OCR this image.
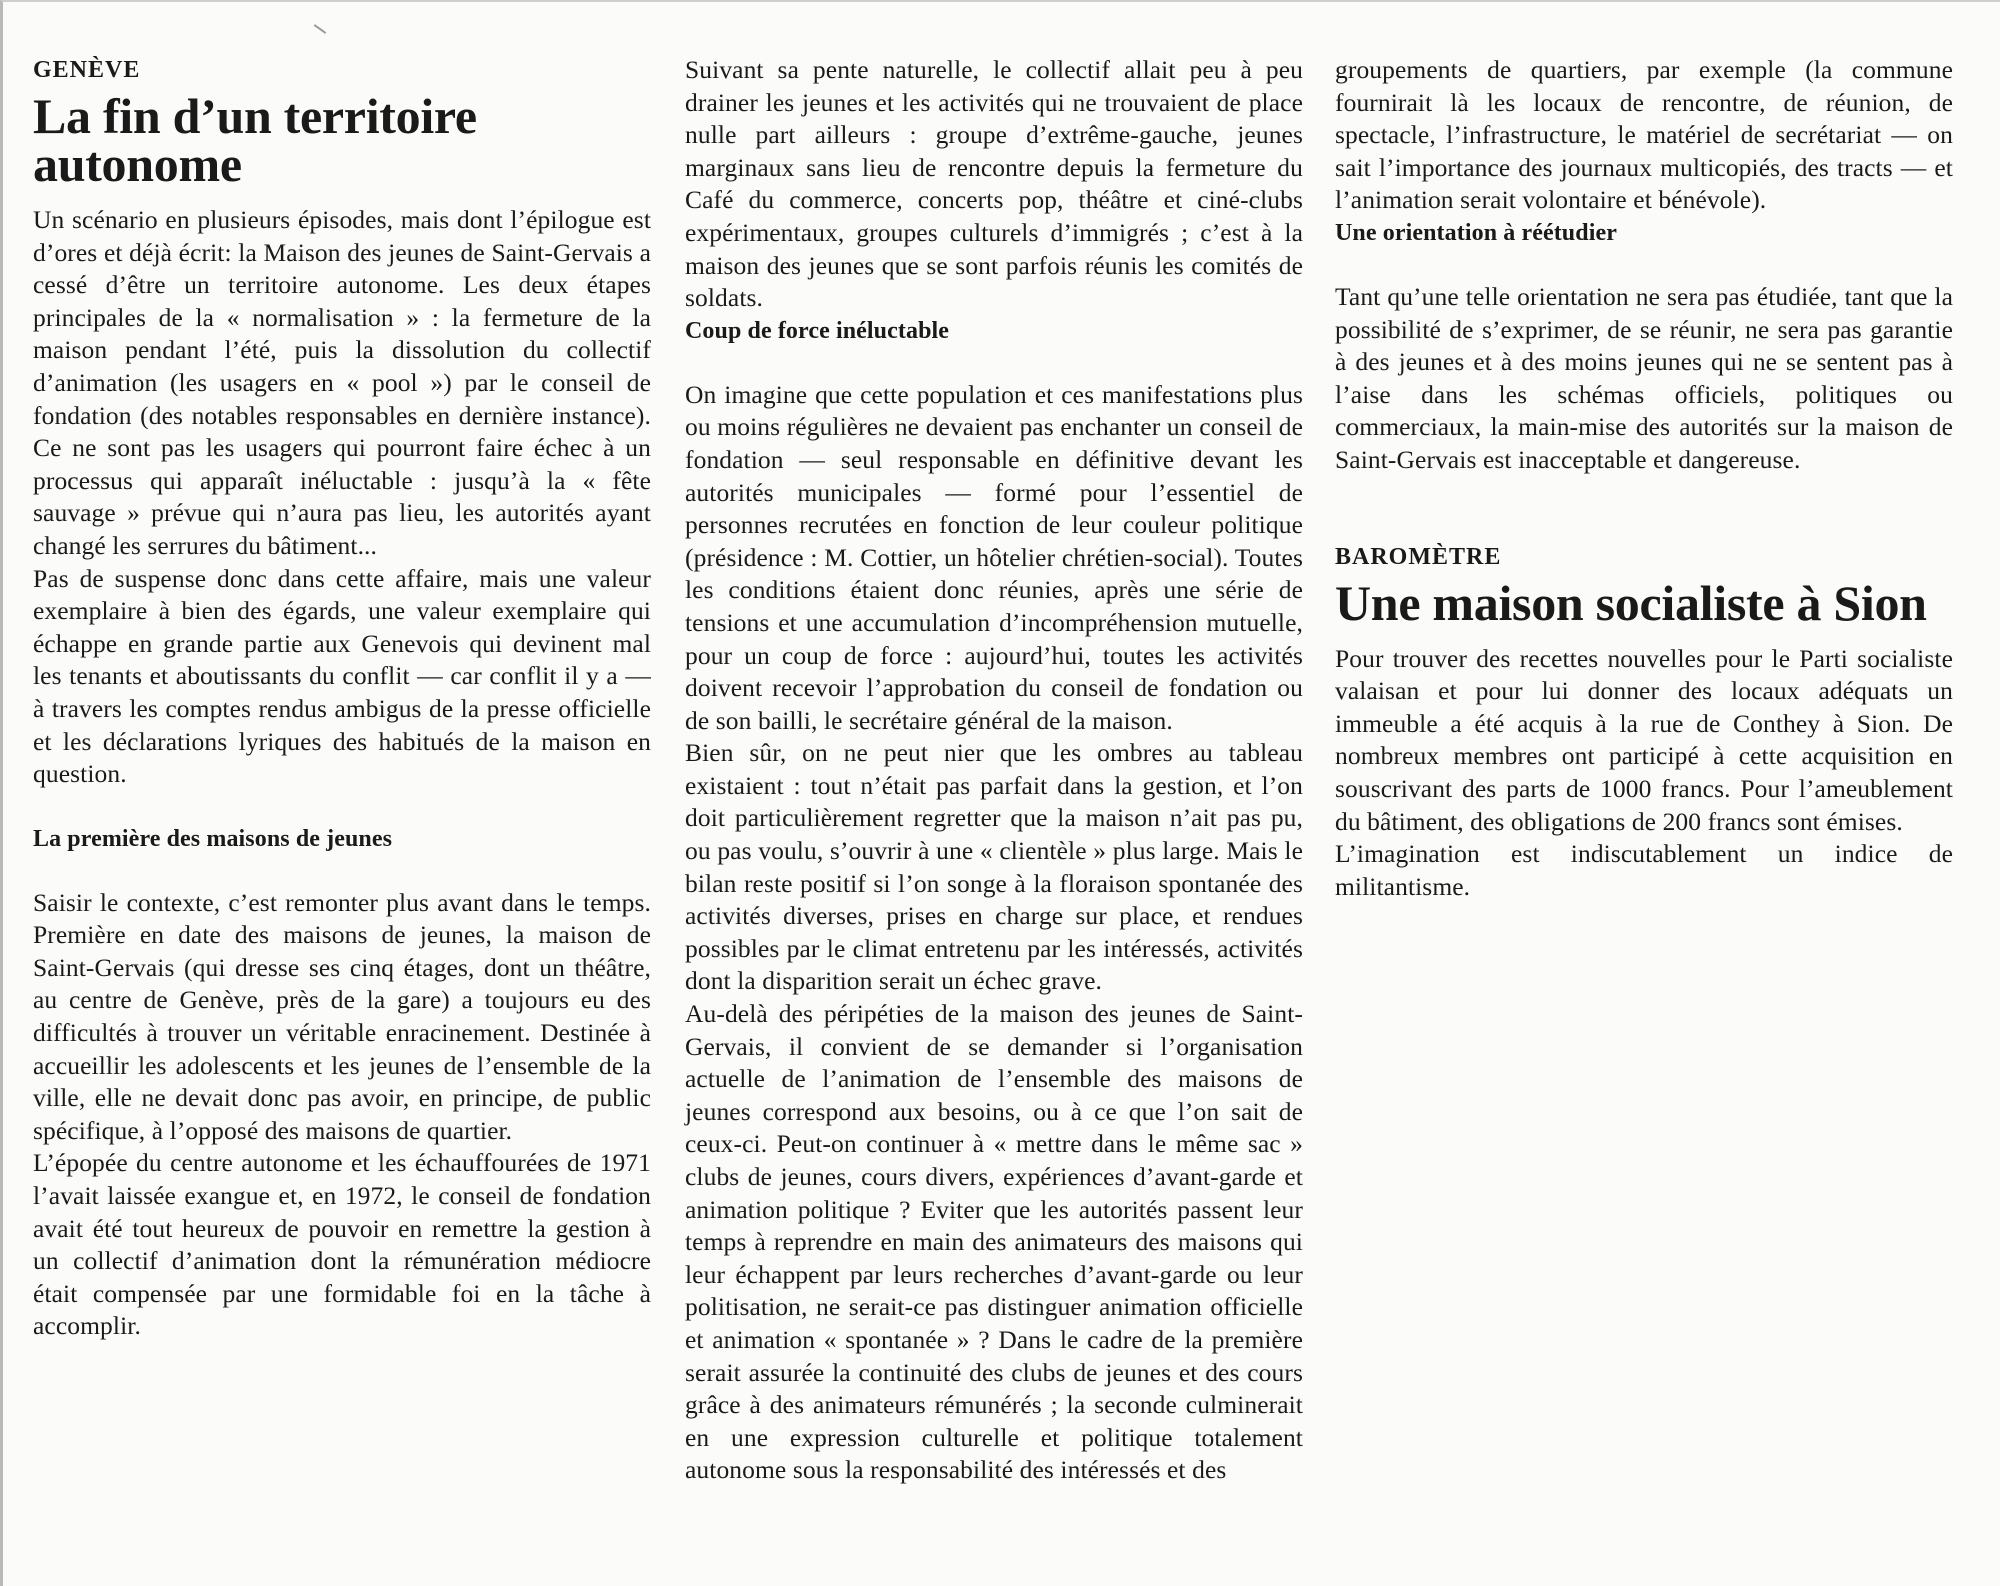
GENÈVE
La fin d’un territoire autonome

Un scénario en plusieurs épisodes, mais dont l’épilogue est d’ores et déjà écrit: la Maison des jeunes de Saint-Gervais a cessé d’être un territoire autonome. Les deux étapes principales de la « normalisation » : la fermeture de la maison pendant l’été, puis la dissolution du collectif d’animation (les usagers en « pool ») par le conseil de fondation (des notables responsables en dernière instance). Ce ne sont pas les usagers qui pourront faire échec à un processus qui apparaît inéluctable : jusqu’à la « fête sauvage » prévue qui n’aura pas lieu, les autorités ayant changé les serrures du bâtiment...

Pas de suspense donc dans cette affaire, mais une valeur exemplaire à bien des égards, une valeur exemplaire qui échappe en grande partie aux Genevois qui devinent mal les tenants et aboutissants du conflit — car conflit il y a — à travers les comptes rendus ambigus de la presse officielle et les déclarations lyriques des habitués de la maison en question.

La première des maisons de jeunes

Saisir le contexte, c’est remonter plus avant dans le temps. Première en date des maisons de jeunes, la maison de Saint-Gervais (qui dresse ses cinq étages, dont un théâtre, au centre de Genève, près de la gare) a toujours eu des difficultés à trouver un véritable enracinement. Destinée à accueillir les adolescents et les jeunes de l’ensemble de la ville, elle ne devait donc pas avoir, en principe, de public spécifique, à l’opposé des maisons de quartier.

L’épopée du centre autonome et les échauffourées de 1971 l’avait laissée exangue et, en 1972, le conseil de fondation avait été tout heureux de pouvoir en remettre la gestion à un collectif d’animation dont la rémunération médiocre était compensée par une formidable foi en la tâche à accomplir.

Suivant sa pente naturelle, le collectif allait peu à peu drainer les jeunes et les activités qui ne trouvaient de place nulle part ailleurs : groupe d’extrême-gauche, jeunes marginaux sans lieu de rencontre depuis la fermeture du Café du commerce, concerts pop, théâtre et ciné-clubs expérimentaux, groupes culturels d’immigrés ; c’est à la maison des jeunes que se sont parfois réunis les comités de soldats.

Coup de force inéluctable

On imagine que cette population et ces manifestations plus ou moins régulières ne devaient pas enchanter un conseil de fondation — seul responsable en définitive devant les autorités municipales — formé pour l’essentiel de personnes recrutées en fonction de leur couleur politique (présidence : M. Cottier, un hôtelier chrétien-social). Toutes les conditions étaient donc réunies, après une série de tensions et une accumulation d’incompréhension mutuelle, pour un coup de force : aujourd’hui, toutes les activités doivent recevoir l’approbation du conseil de fondation ou de son bailli, le secrétaire général de la maison.

Bien sûr, on ne peut nier que les ombres au tableau existaient : tout n’était pas parfait dans la gestion, et l’on doit particulièrement regretter que la maison n’ait pas pu, ou pas voulu, s’ouvrir à une « clientèle » plus large. Mais le bilan reste positif si l’on songe à la floraison spontanée des activités diverses, prises en charge sur place, et rendues possibles par le climat entretenu par les intéressés, activités dont la disparition serait un échec grave.

Au-delà des péripéties de la maison des jeunes de Saint-Gervais, il convient de se demander si l’organisation actuelle de l’animation de l’ensemble des maisons de jeunes correspond aux besoins, ou à ce que l’on sait de ceux-ci. Peut-on continuer à « mettre dans le même sac » clubs de jeunes, cours divers, expériences d’avant-garde et animation politique ? Eviter que les autorités passent leur temps à reprendre en main des animateurs des maisons qui leur échappent par leurs recherches d’avant-garde ou leur politisation, ne serait-ce pas distinguer animation officielle et animation « spontanée » ? Dans le cadre de la première serait assurée la continuité des clubs de jeunes et des cours grâce à des animateurs rémunérés ; la seconde culminerait en une expression culturelle et politique totalement autonome sous la responsabilité des intéressés et des

groupements de quartiers, par exemple (la commune fournirait là les locaux de rencontre, de réunion, de spectacle, l’infrastructure, le matériel de secrétariat — on sait l’importance des journaux multicopiés, des tracts — et l’animation serait volontaire et bénévole).

Une orientation à réétudier

Tant qu’une telle orientation ne sera pas étudiée, tant que la possibilité de s’exprimer, de se réunir, ne sera pas garantie à des jeunes et à des moins jeunes qui ne se sentent pas à l’aise dans les schémas officiels, politiques ou commerciaux, la main-mise des autorités sur la maison de Saint-Gervais est inacceptable et dangereuse.

BAROMÈTRE
Une maison socialiste à Sion

Pour trouver des recettes nouvelles pour le Parti socialiste valaisan et pour lui donner des locaux adéquats un immeuble a été acquis à la rue de Conthey à Sion. De nombreux membres ont participé à cette acquisition en souscrivant des parts de 1000 francs. Pour l’ameublement du bâtiment, des obligations de 200 francs sont émises.

L’imagination est indiscutablement un indice de militantisme.
